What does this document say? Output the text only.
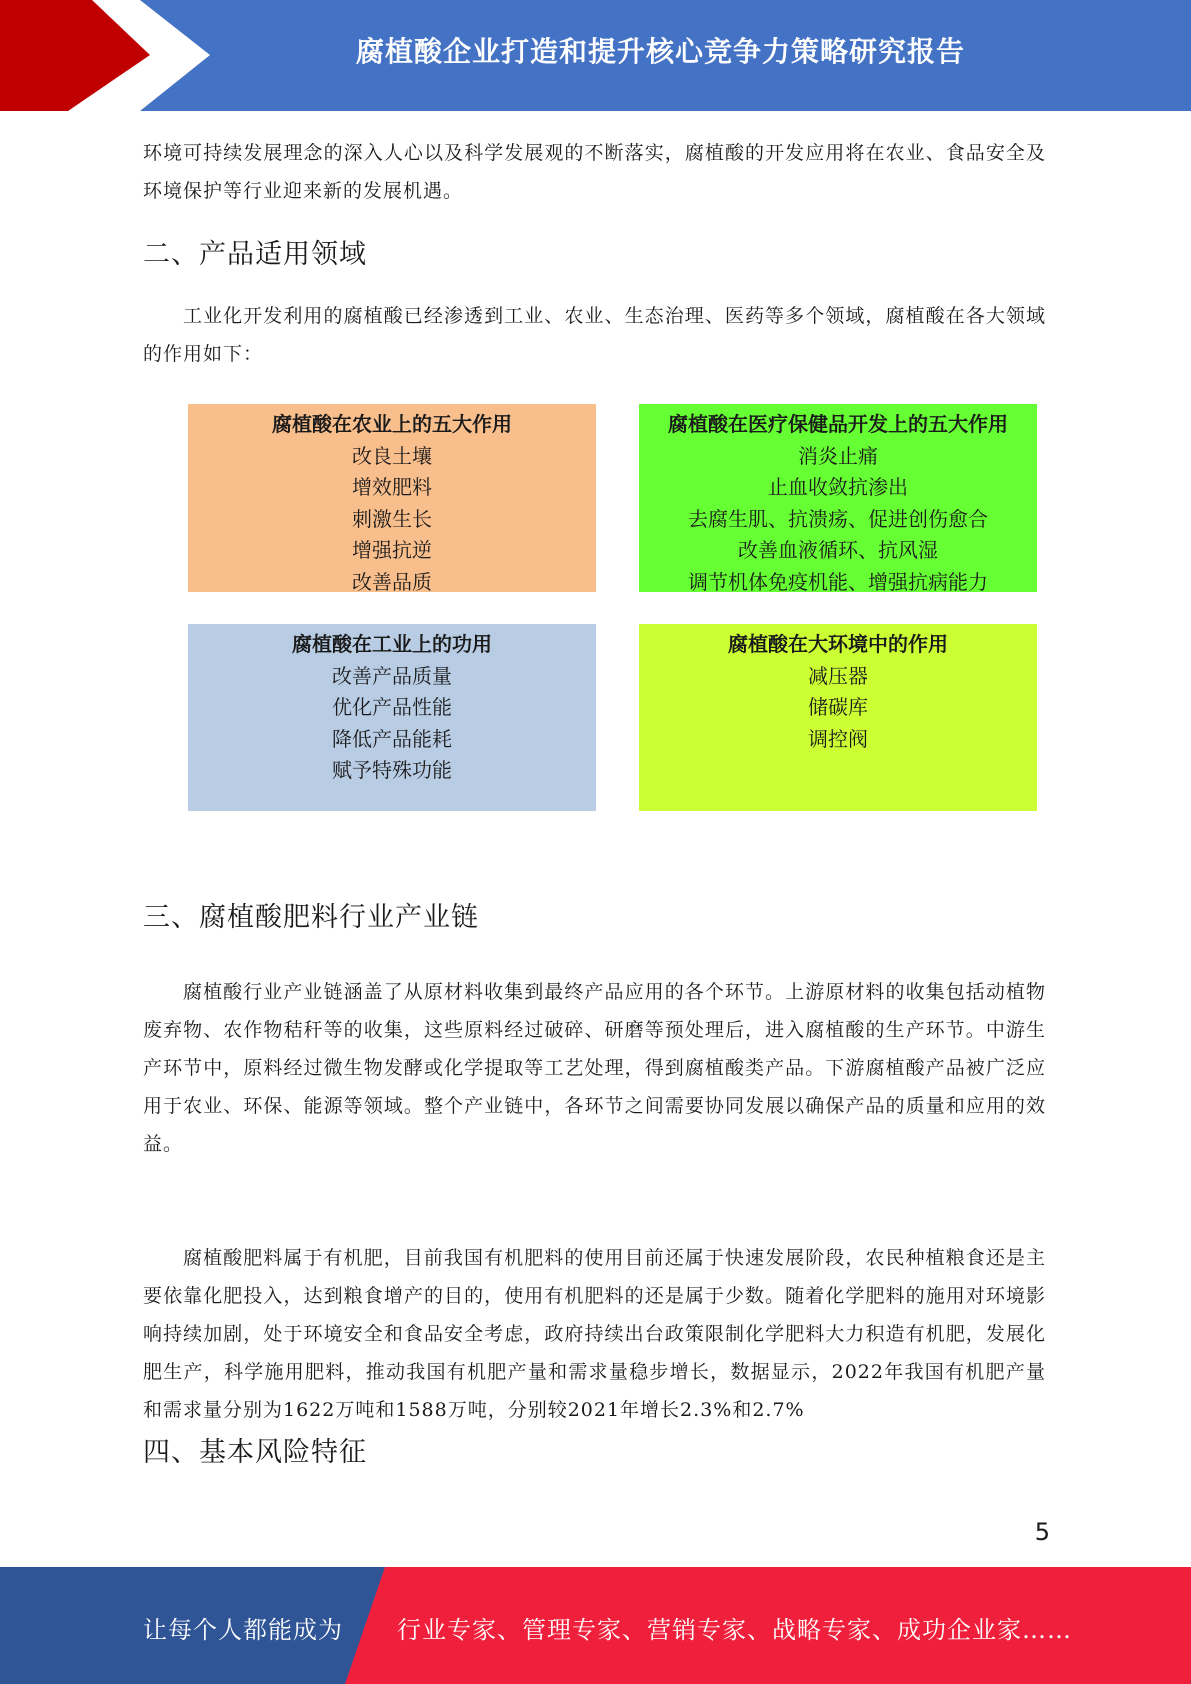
腐植酸企业打造和提升核心竞争力策略研究报告

环境可持续发展理念的深入人心以及科学发展观的不断落实，腐植酸的开发应用将在农业、食品安全及环境保护等行业迎来新的发展机遇。

二、产品适用领域

工业化开发利用的腐植酸已经渗透到工业、农业、生态治理、医药等多个领域，腐植酸在各大领域的作用如下：

腐植酸在农业上的五大作用
改良土壤
增效肥料
刺激生长
增强抗逆
改善品质
腐植酸在医疗保健品开发上的五大作用
消炎止痛
止血收敛抗渗出
去腐生肌、抗溃疡、促进创伤愈合
改善血液循环、抗风湿
调节机体免疫机能、增强抗病能力
腐植酸在工业上的功用
改善产品质量
优化产品性能
降低产品能耗
赋予特殊功能
腐植酸在大环境中的作用
减压器
储碳库
调控阀
三、腐植酸肥料行业产业链

腐植酸行业产业链涵盖了从原材料收集到最终产品应用的各个环节。上游原材料的收集包括动植物废弃物、农作物秸秆等的收集，这些原料经过破碎、研磨等预处理后，进入腐植酸的生产环节。中游生产环节中，原料经过微生物发酵或化学提取等工艺处理，得到腐植酸类产品。下游腐植酸产品被广泛应用于农业、环保、能源等领域。整个产业链中，各环节之间需要协同发展以确保产品的质量和应用的效益。

腐植酸肥料属于有机肥，目前我国有机肥料的使用目前还属于快速发展阶段，农民种植粮食还是主要依靠化肥投入，达到粮食增产的目的，使用有机肥料的还是属于少数。随着化学肥料的施用对环境影响持续加剧，处于环境安全和食品安全考虑，政府持续出台政策限制化学肥料大力积造有机肥，发展化肥生产，科学施用肥料，推动我国有机肥产量和需求量稳步增长，数据显示，2022年我国有机肥产量和需求量分别为1622万吨和1588万吨，分别较2021年增长2.3%和2.7%

四、基本风险特征
5
让每个人都能成为 行业专家、管理专家、营销专家、战略专家、成功企业家……
